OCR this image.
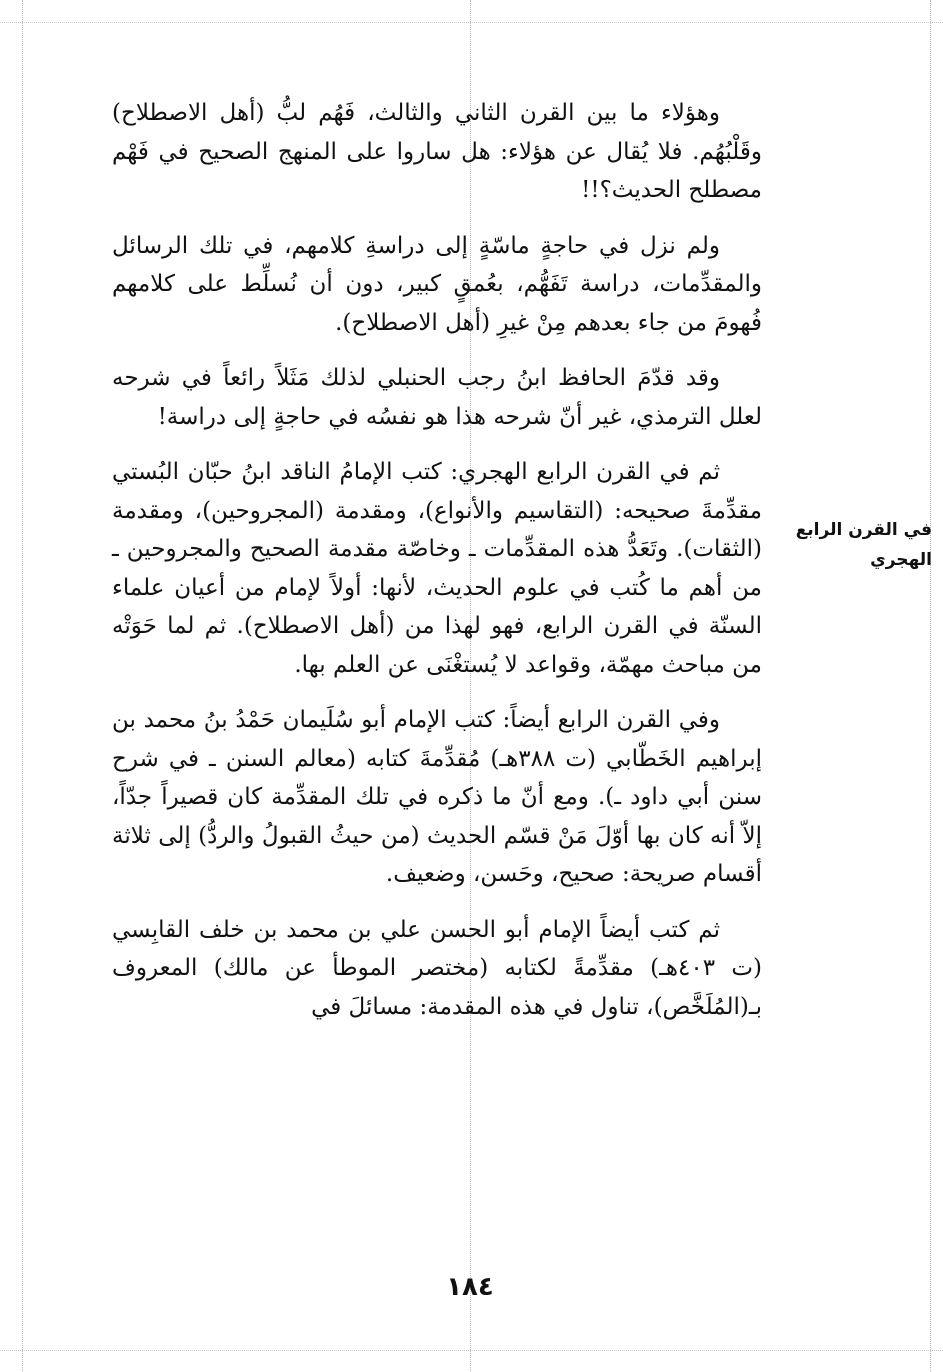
وهؤلاء ما بين القرن الثاني والثالث، فَهُم لبُّ (أهل الاصطلاح) وقَلْبُهُم. فلا يُقال عن هؤلاء: هل ساروا على المنهج الصحيح في فَهْم مصطلح الحديث؟!!

ولم نزل في حاجةٍ ماسّةٍ إلى دراسةِ كلامهم، في تلك الرسائل والمقدِّمات، دراسة تَفَهُّم، بعُمقٍ كبير، دون أن نُسلِّط على كلامهم فُهومَ من جاء بعدهم مِنْ غيرِ (أهل الاصطلاح).

وقد قدّمَ الحافظ ابنُ رجب الحنبلي لذلك مَثَلاً رائعاً في شرحه لعلل الترمذي، غير أنّ شرحه هذا هو نفسُه في حاجةٍ إلى دراسة!

ثم في القرن الرابع الهجري: كتب الإمامُ الناقد ابنُ حبّان البُستي مقدِّمةَ صحيحه: (التقاسيم والأنواع)، ومقدمة (المجروحين)، ومقدمة (الثقات). وتَعَدُّ هذه المقدِّمات ـ وخاصّة مقدمة الصحيح والمجروحين ـ من أهم ما كُتب في علوم الحديث، لأنها: أولاً لإمام من أعيان علماء السنّة في القرن الرابع، فهو لهذا من (أهل الاصطلاح). ثم لما حَوَتْه من مباحث مهمّة، وقواعد لا يُستغْنَى عن العلم بها.

وفي القرن الرابع أيضاً: كتب الإمام أبو سُلَيمان حَمْدُ بنُ محمد بن إبراهيم الخَطّابي (ت ٣٨٨هـ) مُقدِّمةَ كتابه (معالم السنن ـ في شرح سنن أبي داود ـ). ومع أنّ ما ذكره في تلك المقدِّمة كان قصيراً جدّاً، إلاّ أنه كان بها أوّلَ مَنْ قسّم الحديث (من حيثُ القبولُ والردُّ) إلى ثلاثة أقسام صريحة: صحيح، وحَسن، وضعيف.

ثم كتب أيضاً الإمام أبو الحسن علي بن محمد بن خلف القابِسي (ت ٤٠٣هـ) مقدِّمةً لكتابه (مختصر الموطأ عن مالك) المعروف بـ(المُلَخَّص)، تناول في هذه المقدمة: مسائلَ في

في القرن الرابع الهجري
١٨٤
